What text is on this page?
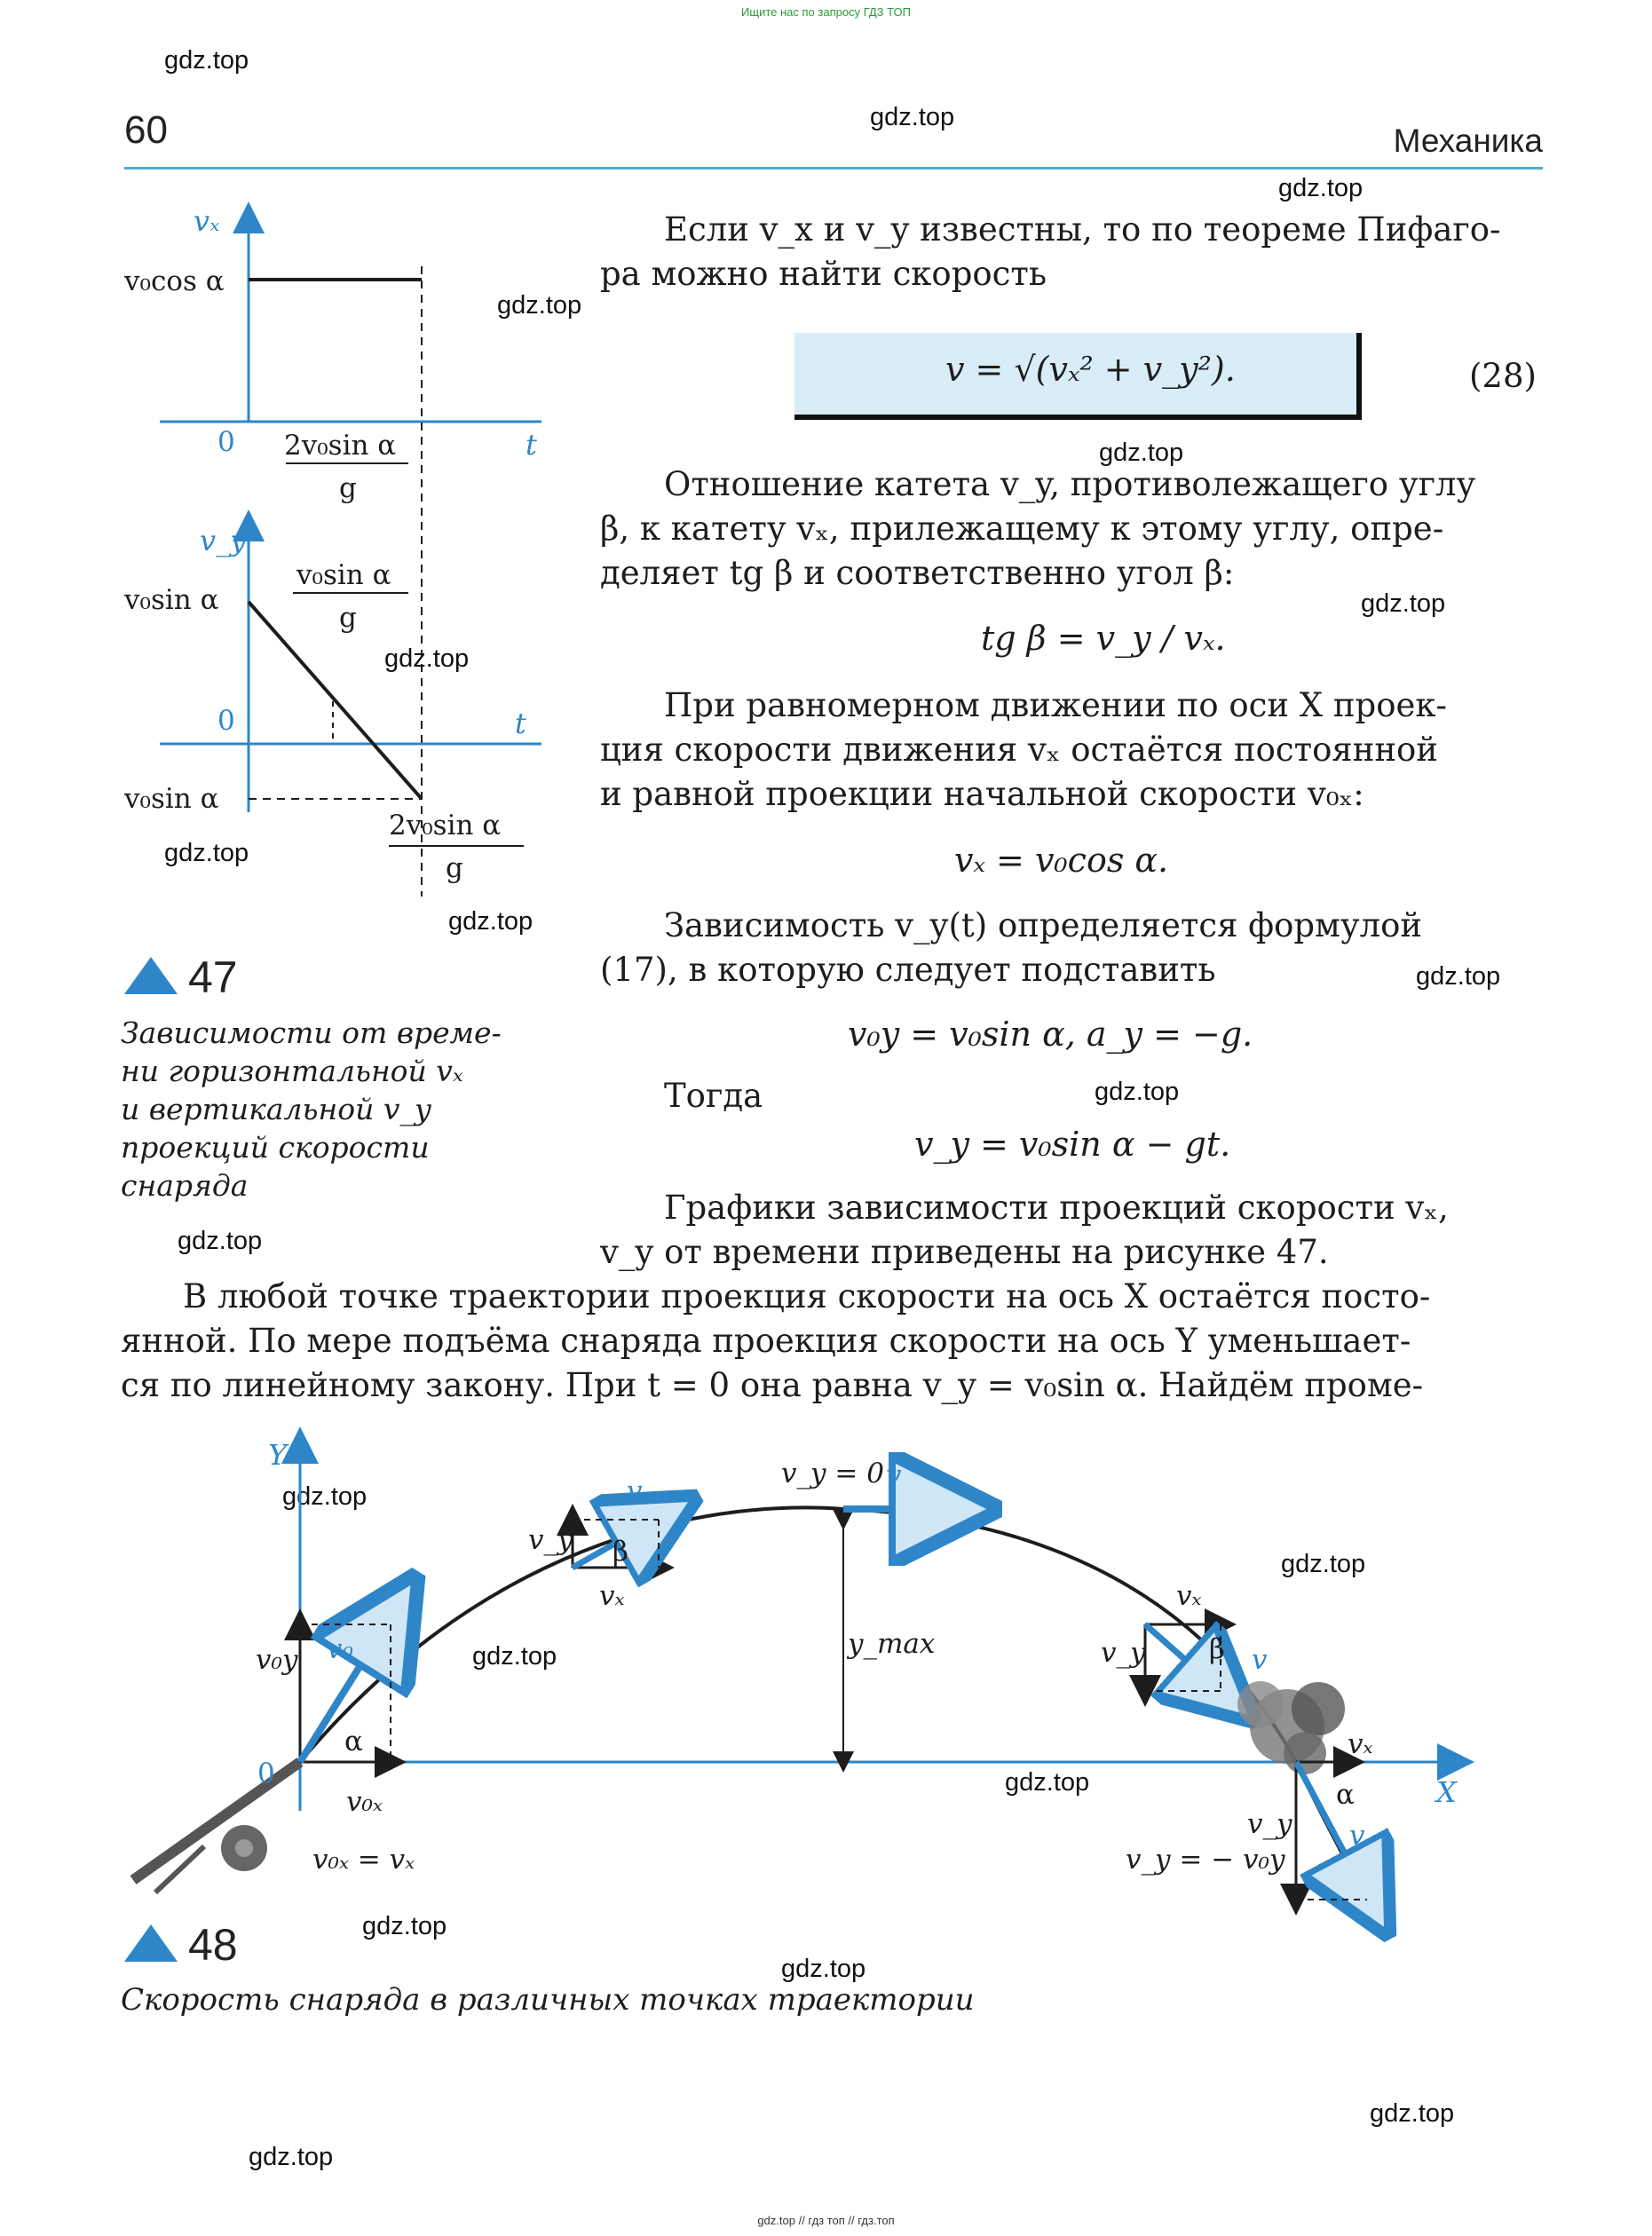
Ищите нас по запросу ГДЗ ТОП
60	Механика
gdz.top
gdz.top
gdz.top
gdz.top
gdz.top
gdz.top
gdz.top
gdz.top
gdz.top
gdz.top
gdz.top
gdz.top
gdz.top
gdz.top
gdz.top
gdz.top
gdz.top
gdz.top
gdz.top
gdz.top
Если v_x и v_y известны, то по теореме Пифаго-
ра можно найти скорость
v = √(vₓ² + v_y²).	(28)
Отношение катета v_y, противолежащего углу
β, к катету vₓ, прилежащему к этому углу, опре-
деляет tg β и соответственно угол β:
tg β = v_y / vₓ.
При равномерном движении по оси X проек-
ция скорости движения vₓ остаётся постоянной
и равной проекции начальной скорости v₀ₓ:
vₓ = v₀cos α.
Зависимость v_y(t) определяется формулой
(17), в которую следует подставить
v₀y = v₀sin α, a_y = −g.
Тогда
v_y = v₀sin α − gt.
Графики зависимости проекций скорости vₓ,
v_y от времени приведены на рисунке 47.
В любой точке траектории проекция скорости на ось X остаётся посто-
янной. По мере подъёма снаряда проекция скорости на ось Y уменьшает-
ся по линейному закону. При t = 0 она равна v_y = v₀sin α. Найдём проме-
47
Зависимости от време-
ни горизонтальной vₓ
и вертикальной v_y
проекций скорости
снаряда
48
Скорость снаряда в различных точках траектории
vₓ
t
0
v₀cos α
2v₀sin α
g
v_y
t
0
v₀sin α
v₀sin α
v₀sin α
g
2v₀sin α
g
Y
X
0
v₀y v₀
α
v₀ₓ
v₀ₓ = vₓ
v_y
v
β
vₓ
v_y = 0 v
y_max
vₓ
v_y β v
vₓ
α
v_y v
v_y = − v₀y
gdz.top // гдз топ // гдз.топ
